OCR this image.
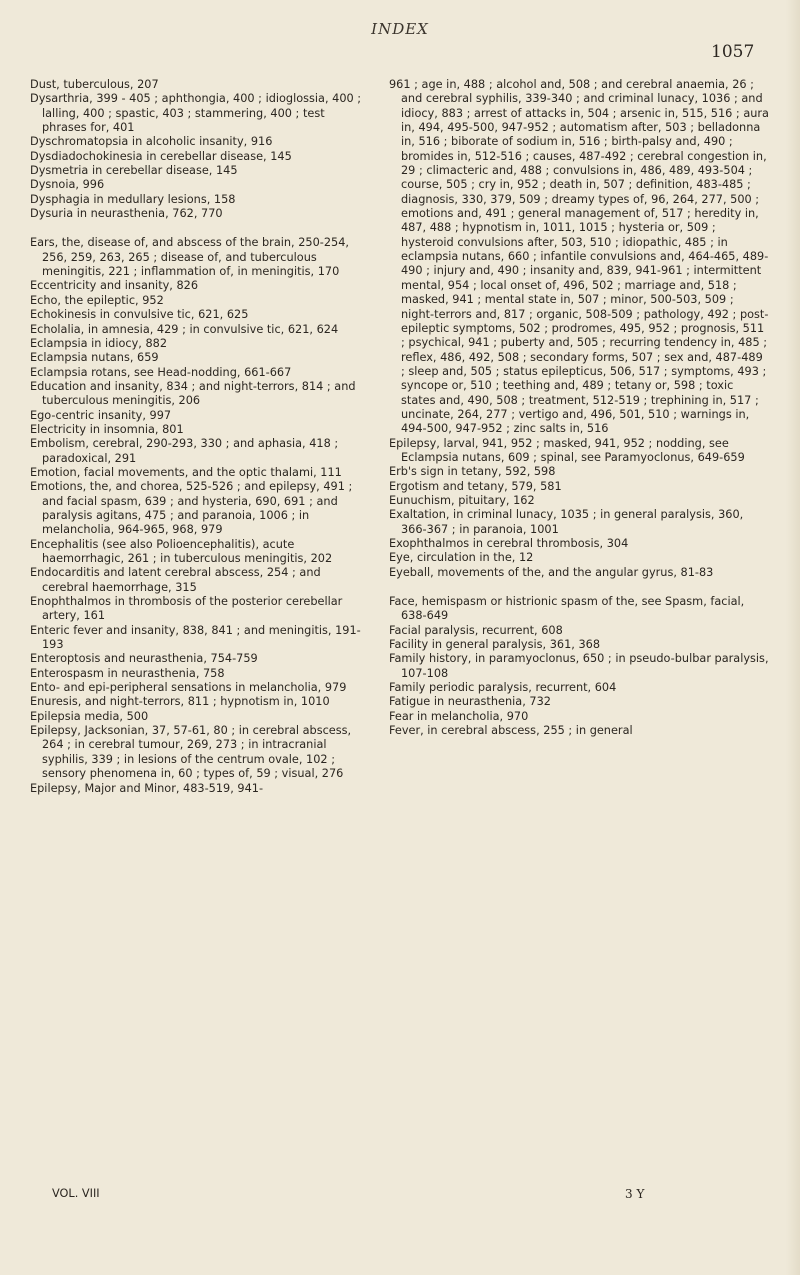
INDEX
1057

Dust, tuberculous, 207

Dysarthria, 399 - 405 ; aphthongia, 400 ; idioglossia, 400 ; lalling, 400 ; spastic, 403 ; stammering, 400 ; test phrases for, 401

Dyschromatopsia in alcoholic insanity, 916

Dysdiadochokinesia in cerebellar disease, 145

Dysmetria in cerebellar disease, 145

Dysnoia, 996

Dysphagia in medullary lesions, 158

Dysuria in neurasthenia, 762, 770

Ears, the, disease of, and abscess of the brain, 250-254, 256, 259, 263, 265 ; disease of, and tuberculous meningitis, 221 ; inflammation of, in meningitis, 170

Eccentricity and insanity, 826

Echo, the epileptic, 952

Echokinesis in convulsive tic, 621, 625

Echolalia, in amnesia, 429 ; in convulsive tic, 621, 624

Eclampsia in idiocy, 882

Eclampsia nutans, 659

Eclampsia rotans, see Head-nodding, 661-667

Education and insanity, 834 ; and night-terrors, 814 ; and tuberculous meningitis, 206

Ego-centric insanity, 997

Electricity in insomnia, 801

Embolism, cerebral, 290-293, 330 ; and aphasia, 418 ; paradoxical, 291

Emotion, facial movements, and the optic thalami, 111

Emotions, the, and chorea, 525-526 ; and epilepsy, 491 ; and facial spasm, 639 ; and hysteria, 690, 691 ; and paralysis agitans, 475 ; and paranoia, 1006 ; in melancholia, 964-965, 968, 979

Encephalitis (see also Polioencephalitis), acute haemorrhagic, 261 ; in tuberculous meningitis, 202

Endocarditis and latent cerebral abscess, 254 ; and cerebral haemorrhage, 315

Enophthalmos in thrombosis of the posterior cerebellar artery, 161

Enteric fever and insanity, 838, 841 ; and meningitis, 191-193

Enteroptosis and neurasthenia, 754-759

Enterospasm in neurasthenia, 758

Ento- and epi-peripheral sensations in melancholia, 979

Enuresis, and night-terrors, 811 ; hypnotism in, 1010

Epilepsia media, 500

Epilepsy, Jacksonian, 37, 57-61, 80 ; in cerebral abscess, 264 ; in cerebral tumour, 269, 273 ; in intracranial syphilis, 339 ; in lesions of the centrum ovale, 102 ; sensory phenomena in, 60 ; types of, 59 ; visual, 276

Epilepsy, Major and Minor, 483-519, 941-

961 ; age in, 488 ; alcohol and, 508 ; and cerebral anaemia, 26 ; and cerebral syphilis, 339-340 ; and criminal lunacy, 1036 ; and idiocy, 883 ; arrest of attacks in, 504 ; arsenic in, 515, 516 ; aura in, 494, 495-500, 947-952 ; automatism after, 503 ; belladonna in, 516 ; biborate of sodium in, 516 ; birth-palsy and, 490 ; bromides in, 512-516 ; causes, 487-492 ; cerebral congestion in, 29 ; climacteric and, 488 ; convulsions in, 486, 489, 493-504 ; course, 505 ; cry in, 952 ; death in, 507 ; definition, 483-485 ; diagnosis, 330, 379, 509 ; dreamy types of, 96, 264, 277, 500 ; emotions and, 491 ; general management of, 517 ; heredity in, 487, 488 ; hypnotism in, 1011, 1015 ; hysteria or, 509 ; hysteroid convulsions after, 503, 510 ; idiopathic, 485 ; in eclampsia nutans, 660 ; infantile convulsions and, 464-465, 489-490 ; injury and, 490 ; insanity and, 839, 941-961 ; intermittent mental, 954 ; local onset of, 496, 502 ; marriage and, 518 ; masked, 941 ; mental state in, 507 ; minor, 500-503, 509 ; night-terrors and, 817 ; organic, 508-509 ; pathology, 492 ; post-epileptic symptoms, 502 ; prodromes, 495, 952 ; prognosis, 511 ; psychical, 941 ; puberty and, 505 ; recurring tendency in, 485 ; reflex, 486, 492, 508 ; secondary forms, 507 ; sex and, 487-489 ; sleep and, 505 ; status epilepticus, 506, 517 ; symptoms, 493 ; syncope or, 510 ; teething and, 489 ; tetany or, 598 ; toxic states and, 490, 508 ; treatment, 512-519 ; trephining in, 517 ; uncinate, 264, 277 ; vertigo and, 496, 501, 510 ; warnings in, 494-500, 947-952 ; zinc salts in, 516

Epilepsy, larval, 941, 952 ; masked, 941, 952 ; nodding, see Eclampsia nutans, 609 ; spinal, see Paramyoclonus, 649-659

Erb's sign in tetany, 592, 598

Ergotism and tetany, 579, 581

Eunuchism, pituitary, 162

Exaltation, in criminal lunacy, 1035 ; in general paralysis, 360, 366-367 ; in paranoia, 1001

Exophthalmos in cerebral thrombosis, 304

Eye, circulation in the, 12

Eyeball, movements of the, and the angular gyrus, 81-83

Face, hemispasm or histrionic spasm of the, see Spasm, facial, 638-649

Facial paralysis, recurrent, 608

Facility in general paralysis, 361, 368

Family history, in paramyoclonus, 650 ; in pseudo-bulbar paralysis, 107-108

Family periodic paralysis, recurrent, 604

Fatigue in neurasthenia, 732

Fear in melancholia, 970

Fever, in cerebral abscess, 255 ; in general

VOL. VIII	3 Y
